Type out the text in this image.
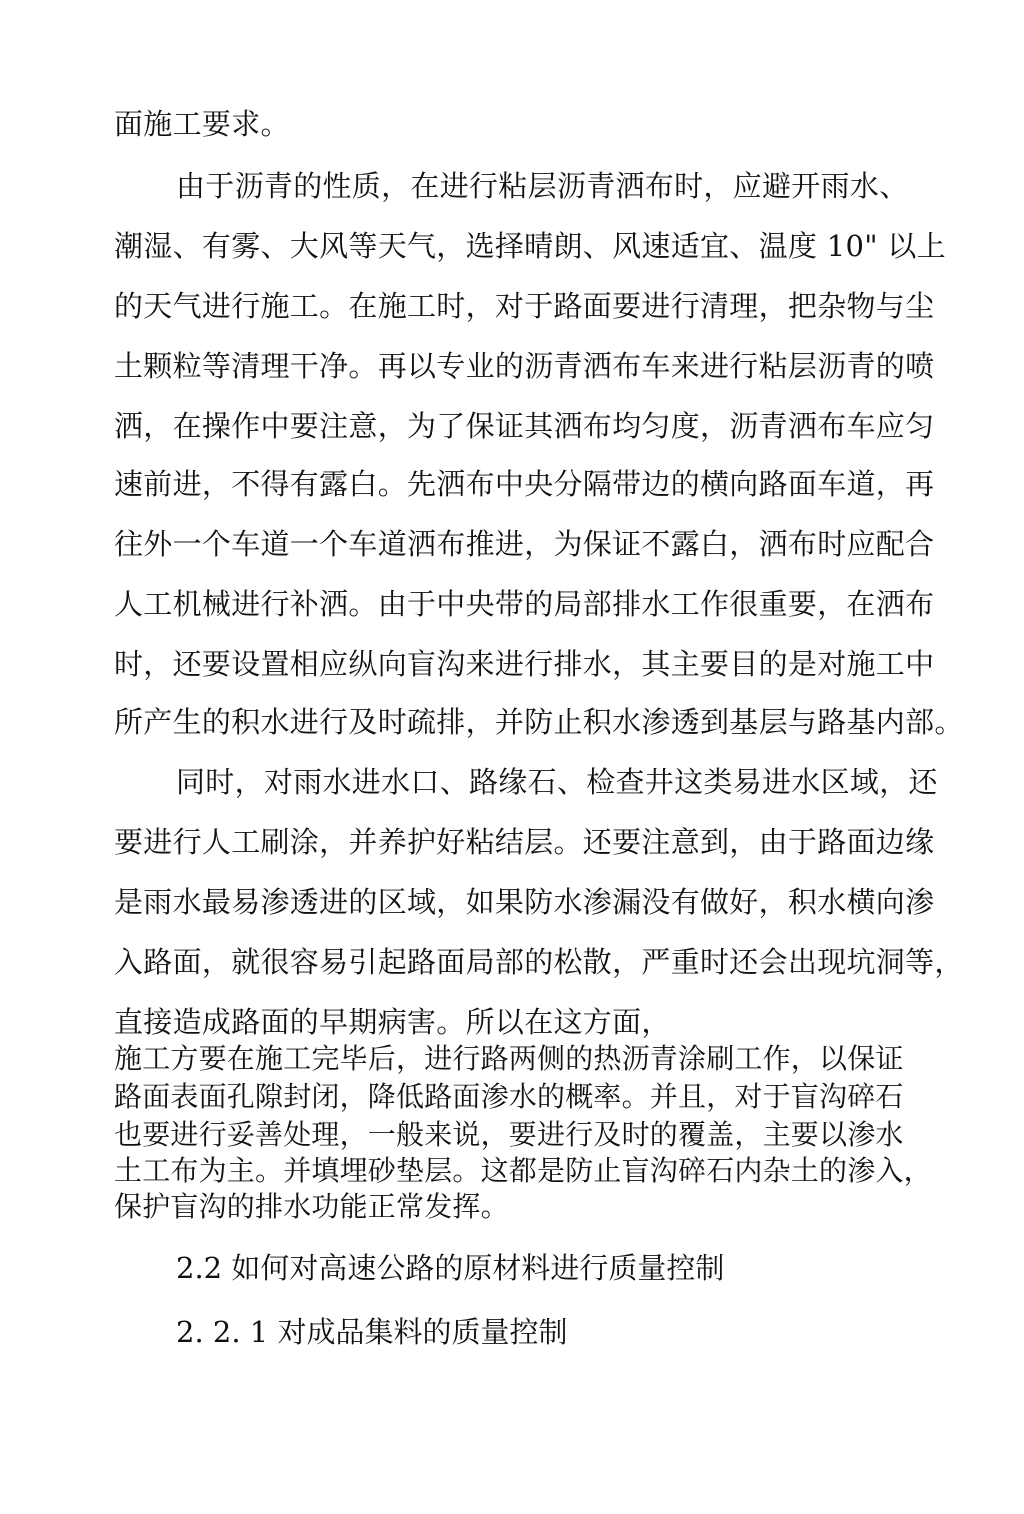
面施工要求。
由于沥青的性质，在进行粘层沥青洒布时，应避开雨水、
潮湿、有雾、大风等天气，选择晴朗、风速适宜、温度 10" 以上
的天气进行施工。在施工时，对于路面要进行清理，把杂物与尘
土颗粒等清理干净。再以专业的沥青洒布车来进行粘层沥青的喷
洒，在操作中要注意，为了保证其洒布均匀度，沥青洒布车应匀
速前进，不得有露白。先洒布中央分隔带边的横向路面车道，再
往外一个车道一个车道洒布推进，为保证不露白，洒布时应配合
人工机械进行补洒。由于中央带的局部排水工作很重要，在洒布
时，还要设置相应纵向盲沟来进行排水，其主要目的是对施工中
所产生的积水进行及时疏排，并防止积水渗透到基层与路基内部。
同时，对雨水进水口、路缘石、检查井这类易进水区域，还
要进行人工刷涂，并养护好粘结层。还要注意到，由于路面边缘
是雨水最易渗透进的区域，如果防水渗漏没有做好，积水横向渗
入路面，就很容易引起路面局部的松散，严重时还会出现坑洞等，
直接造成路面的早期病害。所以在这方面，
施工方要在施工完毕后，进行路两侧的热沥青涂刷工作，以保证
路面表面孔隙封闭，降低路面渗水的概率。并且，对于盲沟碎石
也要进行妥善处理，一般来说，要进行及时的覆盖，主要以渗水
土工布为主。并填埋砂垫层。这都是防止盲沟碎石内杂土的渗入，
保护盲沟的排水功能正常发挥。
2.2 如何对高速公路的原材料进行质量控制
2. 2. 1 对成品集料的质量控制
